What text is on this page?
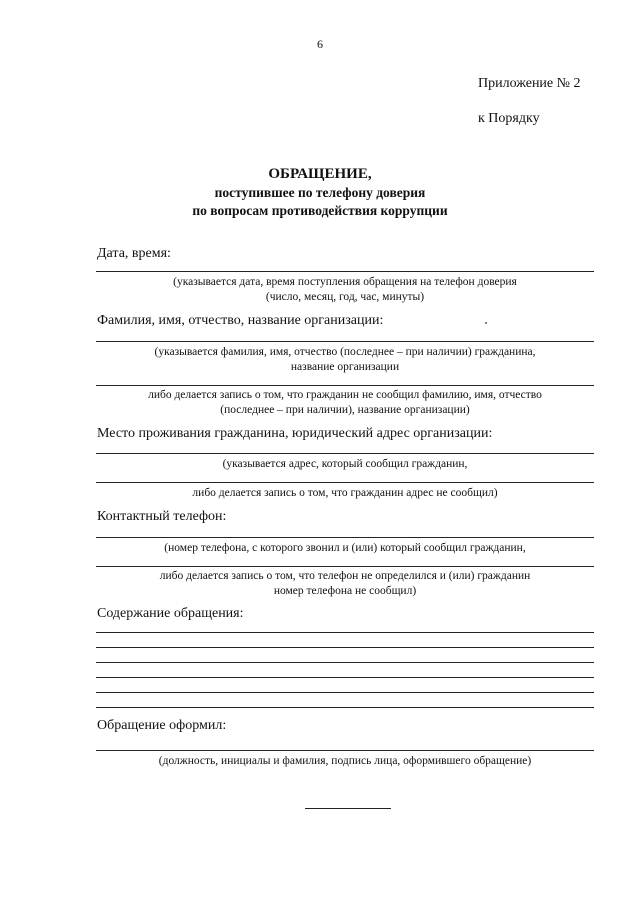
6
Приложение № 2
к Порядку
ОБРАЩЕНИЕ,
поступившее по телефону доверия
по вопросам противодействия коррупции
Дата, время:
(указывается дата, время поступления обращения на телефон доверия
(число, месяц, год, час, минуты)
Фамилия, имя, отчество, название организации:
(указывается фамилия, имя, отчество (последнее – при наличии) гражданина,
название организации
либо делается запись о том, что гражданин не сообщил фамилию, имя, отчество
(последнее – при наличии), название организации)
Место проживания гражданина, юридический адрес организации:
(указывается адрес, который сообщил гражданин,
либо делается запись о том, что гражданин адрес не сообщил)
Контактный телефон:
(номер телефона, с которого звонил и (или) который сообщил гражданин,
либо делается запись о том, что телефон не определился и (или) гражданин
номер телефона не сообщил)
Содержание обращения:
Обращение оформил:
(должность, инициалы и фамилия, подпись лица, оформившего обращение)
